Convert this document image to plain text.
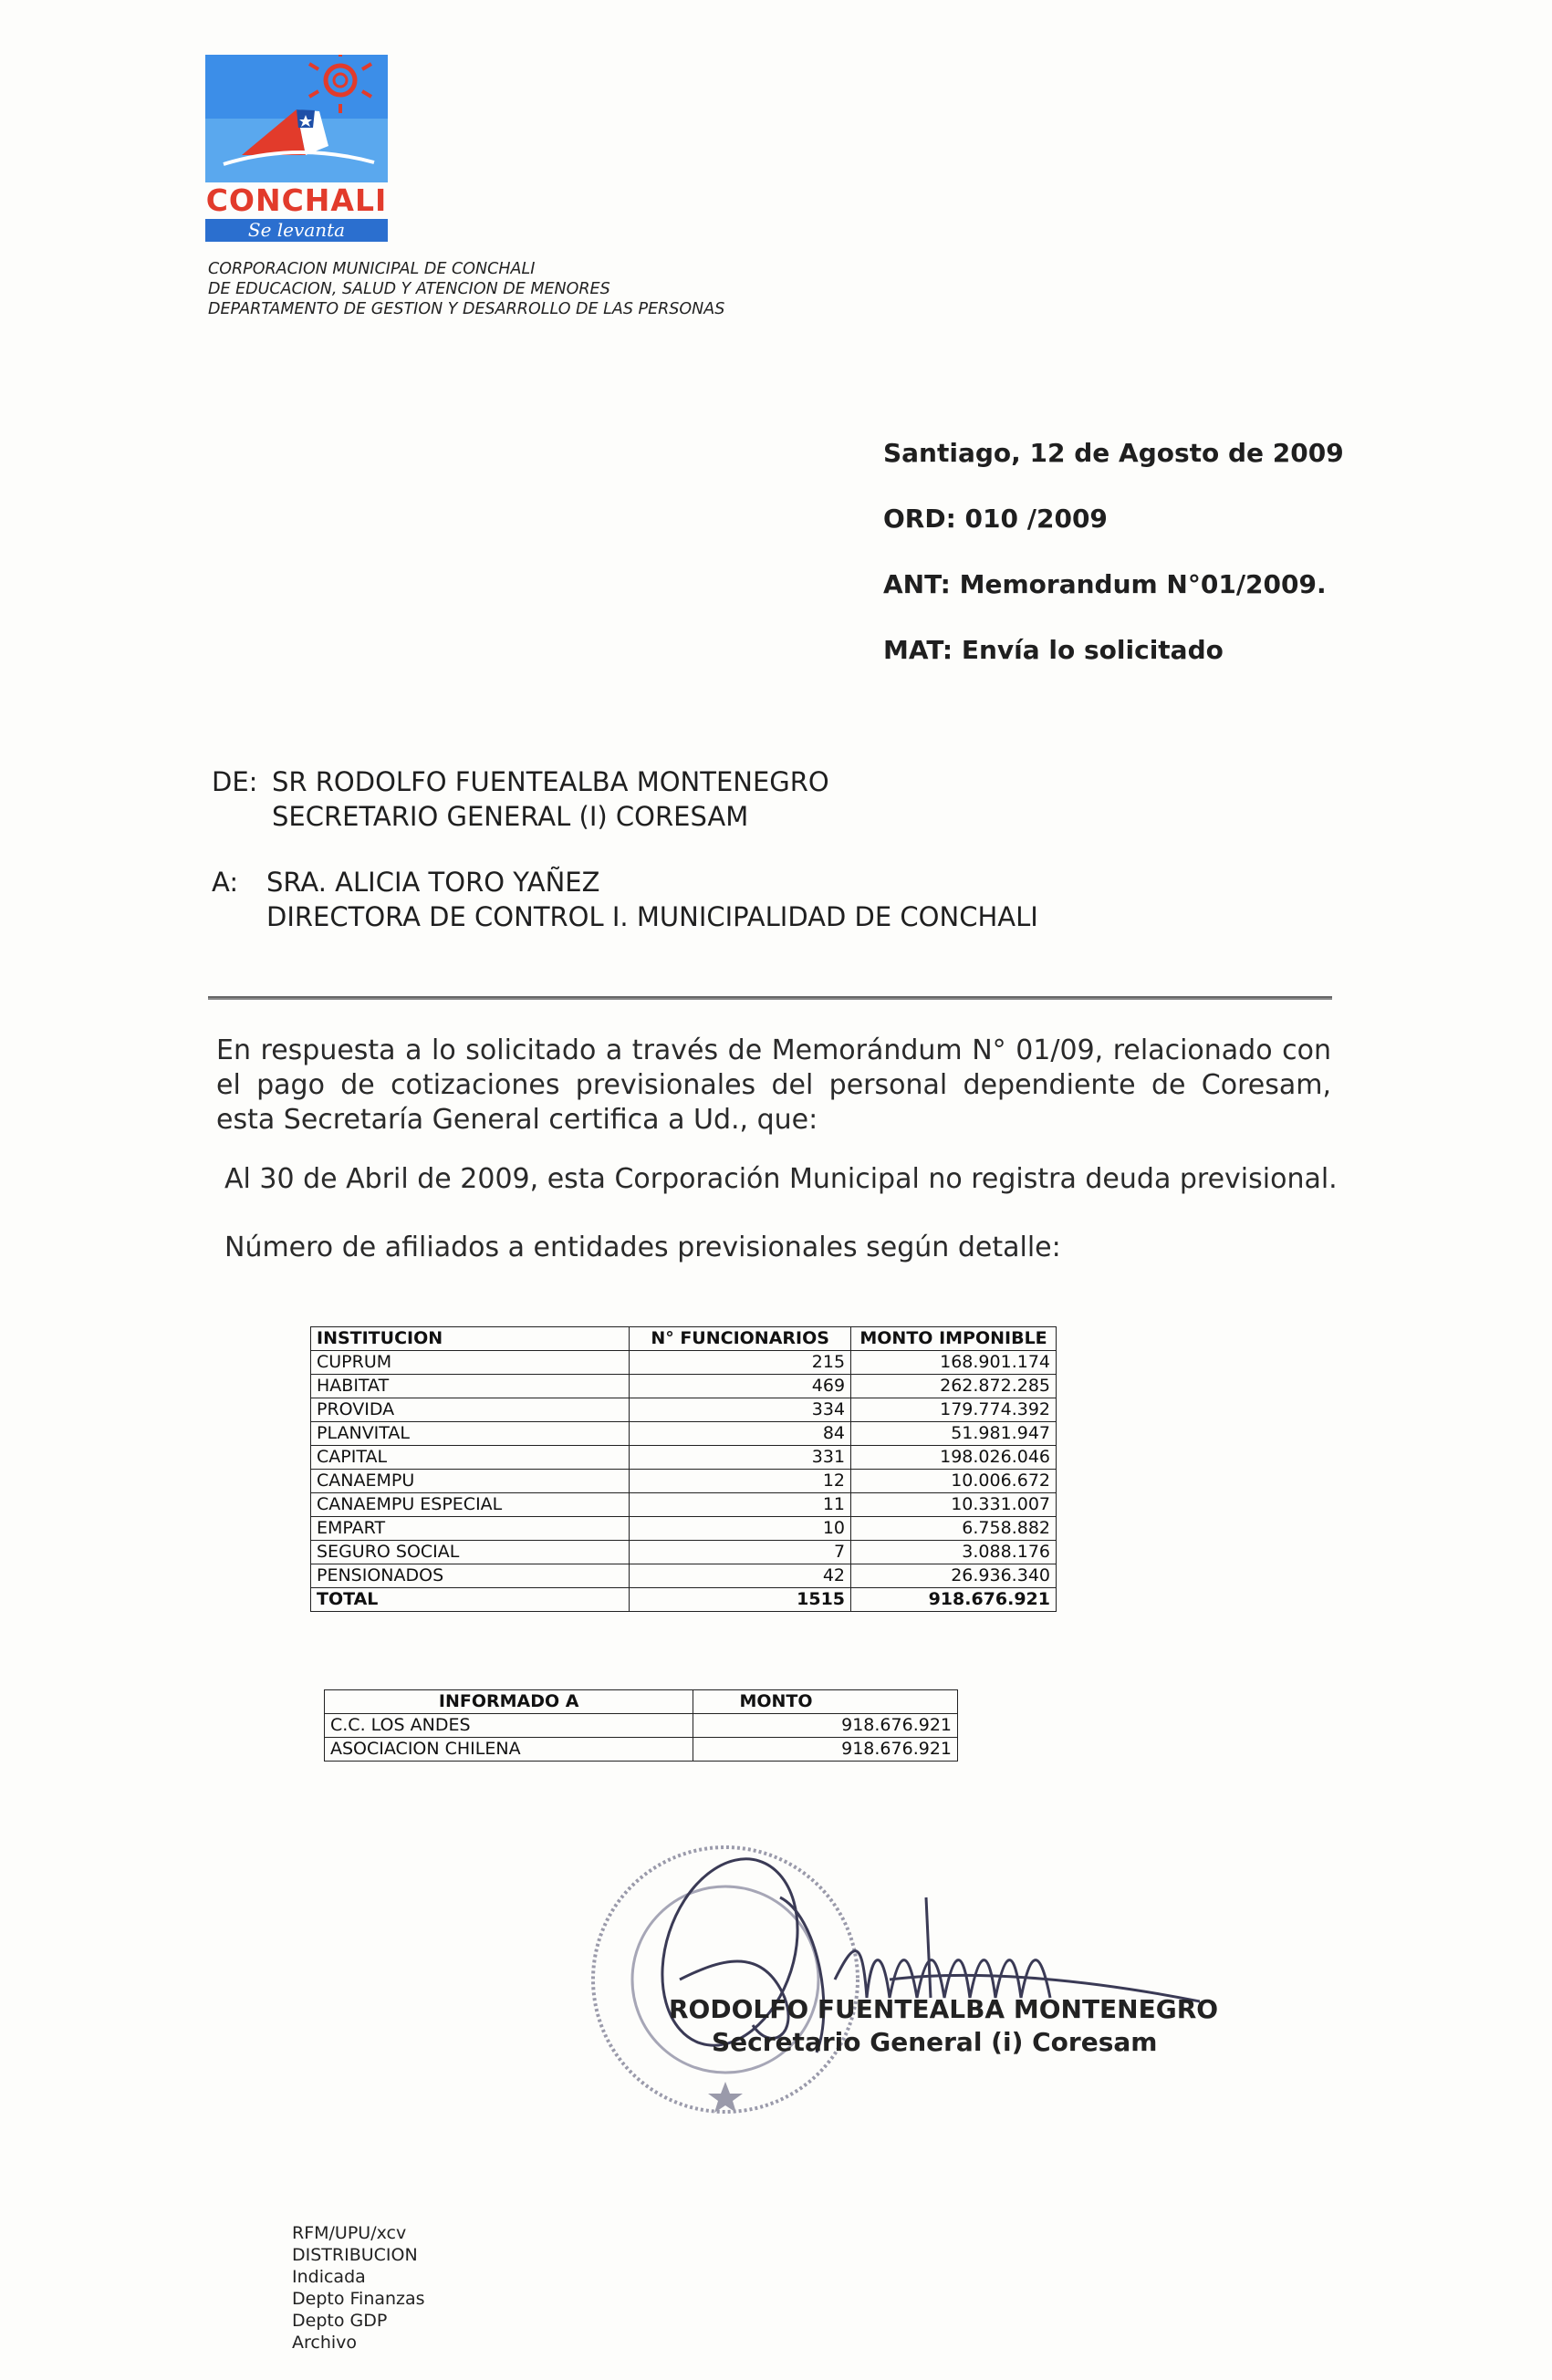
CONCHALI
Se levanta
CORPORACION MUNICIPAL DE CONCHALI
DE EDUCACION, SALUD Y ATENCION DE MENORES
DEPARTAMENTO DE GESTION Y DESARROLLO DE LAS PERSONAS
Santiago, 12 de Agosto de 2009
ORD: 010 /2009
ANT: Memorandum N°01/2009.
MAT: Envía lo solicitado
DE: SR RODOLFO FUENTEALBA MONTENEGRO
SECRETARIO GENERAL (I) CORESAM
A: SRA. ALICIA TORO YAÑEZ
DIRECTORA DE CONTROL I. MUNICIPALIDAD DE CONCHALI
En respuesta a lo solicitado a través de Memorándum N° 01/09, relacionado con el pago de cotizaciones previsionales del personal dependiente de Coresam, esta Secretaría General certifica a Ud., que:
Al 30 de Abril de 2009, esta Corporación Municipal no registra deuda previsional.
Número de afiliados a entidades previsionales según detalle:
INSTITUCION	N° FUNCIONARIOS	MONTO IMPONIBLE
CUPRUM	215	168.901.174
HABITAT	469	262.872.285
PROVIDA	334	179.774.392
PLANVITAL	84	51.981.947
CAPITAL	331	198.026.046
CANAEMPU	12	10.006.672
CANAEMPU ESPECIAL	11	10.331.007
EMPART	10	6.758.882
SEGURO SOCIAL	7	3.088.176
PENSIONADOS	42	26.936.340
TOTAL	1515	918.676.921
INFORMADO A	MONTO
C.C. LOS ANDES	918.676.921
ASOCIACION CHILENA	918.676.921
RODOLFO FUENTEALBA MONTENEGRO
Secretario General (i) Coresam
RFM/UPU/xcv
DISTRIBUCION
Indicada
Depto Finanzas
Depto GDP
Archivo
